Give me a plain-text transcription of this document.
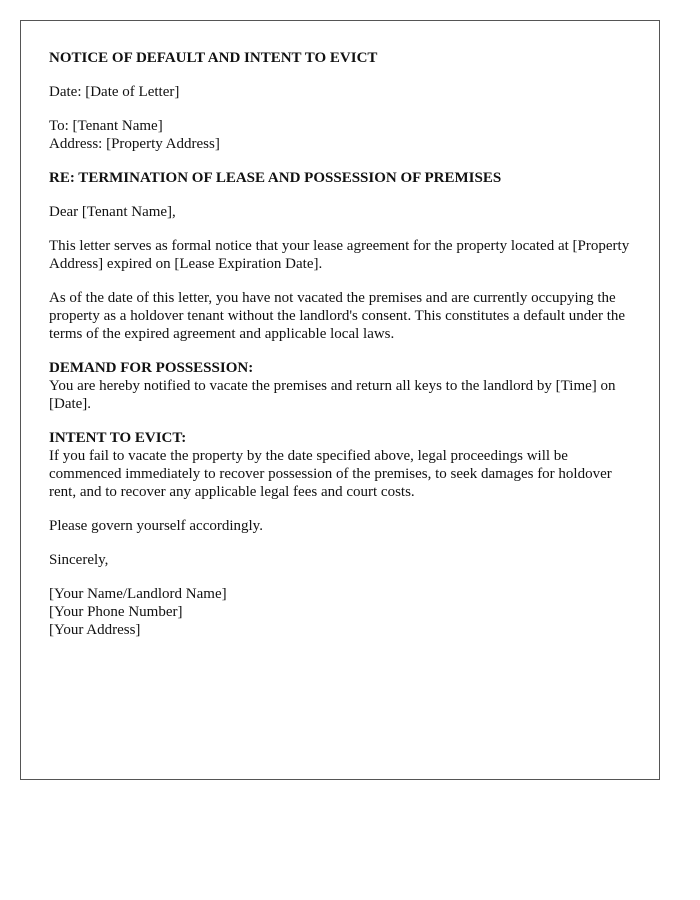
NOTICE OF DEFAULT AND INTENT TO EVICT
Date: [Date of Letter]
To: [Tenant Name]
Address: [Property Address]
RE: TERMINATION OF LEASE AND POSSESSION OF PREMISES
Dear [Tenant Name],
This letter serves as formal notice that your lease agreement for the property located at [Property Address] expired on [Lease Expiration Date].
As of the date of this letter, you have not vacated the premises and are currently occupying the property as a holdover tenant without the landlord's consent. This constitutes a default under the terms of the expired agreement and applicable local laws.
DEMAND FOR POSSESSION:
You are hereby notified to vacate the premises and return all keys to the landlord by [Time] on [Date].
INTENT TO EVICT:
If you fail to vacate the property by the date specified above, legal proceedings will be commenced immediately to recover possession of the premises, to seek damages for holdover rent, and to recover any applicable legal fees and court costs.
Please govern yourself accordingly.
Sincerely,
[Your Name/Landlord Name]
[Your Phone Number]
[Your Address]
